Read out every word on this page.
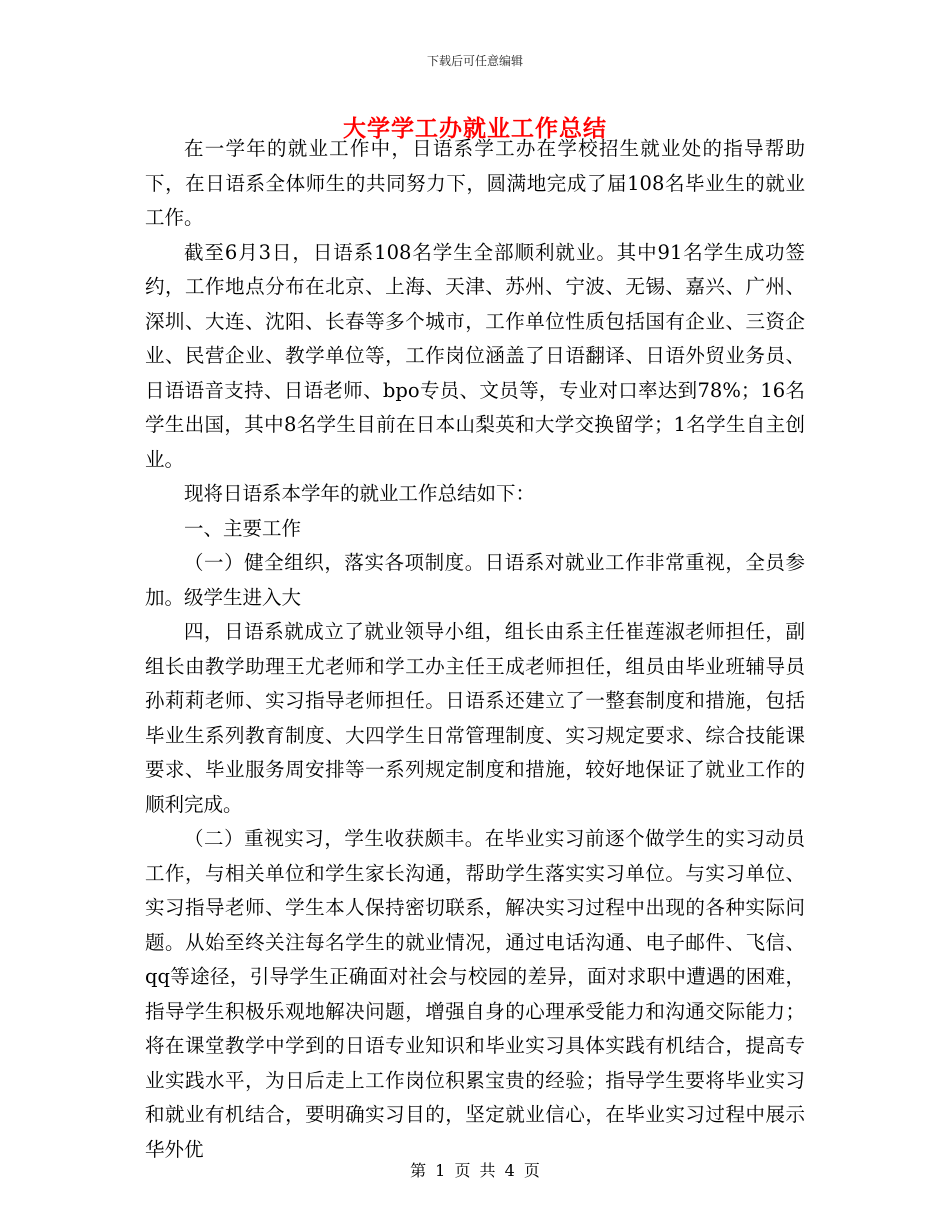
下载后可任意编辑
大学学工办就业工作总结

在一学年的就业工作中，日语系学工办在学校招生就业处的指导帮助下，在日语系全体师生的共同努力下，圆满地完成了届108名毕业生的就业工作。

截至6月3日，日语系108名学生全部顺利就业。其中91名学生成功签约，工作地点分布在北京、上海、天津、苏州、宁波、无锡、嘉兴、广州、深圳、大连、沈阳、长春等多个城市，工作单位性质包括国有企业、三资企业、民营企业、教学单位等，工作岗位涵盖了日语翻译、日语外贸业务员、日语语音支持、日语老师、bpo专员、文员等，专业对口率达到78%；16名学生出国，其中8名学生目前在日本山梨英和大学交换留学；1名学生自主创业。

现将日语系本学年的就业工作总结如下：

一、主要工作

（一）健全组织，落实各项制度。日语系对就业工作非常重视，全员参加。级学生进入大

四，日语系就成立了就业领导小组，组长由系主任崔莲淑老师担任，副组长由教学助理王尤老师和学工办主任王成老师担任，组员由毕业班辅导员孙莉莉老师、实习指导老师担任。日语系还建立了一整套制度和措施，包括毕业生系列教育制度、大四学生日常管理制度、实习规定要求、综合技能课要求、毕业服务周安排等一系列规定制度和措施，较好地保证了就业工作的顺利完成。

（二）重视实习，学生收获颇丰。在毕业实习前逐个做学生的实习动员工作，与相关单位和学生家长沟通，帮助学生落实实习单位。与实习单位、实习指导老师、学生本人保持密切联系，解决实习过程中出现的各种实际问题。从始至终关注每名学生的就业情况，通过电话沟通、电子邮件、飞信、qq等途径，引导学生正确面对社会与校园的差异，面对求职中遭遇的困难，指导学生积极乐观地解决问题，增强自身的心理承受能力和沟通交际能力；将在课堂教学中学到的日语专业知识和毕业实习具体实践有机结合，提高专业实践水平，为日后走上工作岗位积累宝贵的经验；指导学生要将毕业实习和就业有机结合，要明确实习目的，坚定就业信心，在毕业实习过程中展示华外优

第 1 页 共 4 页
